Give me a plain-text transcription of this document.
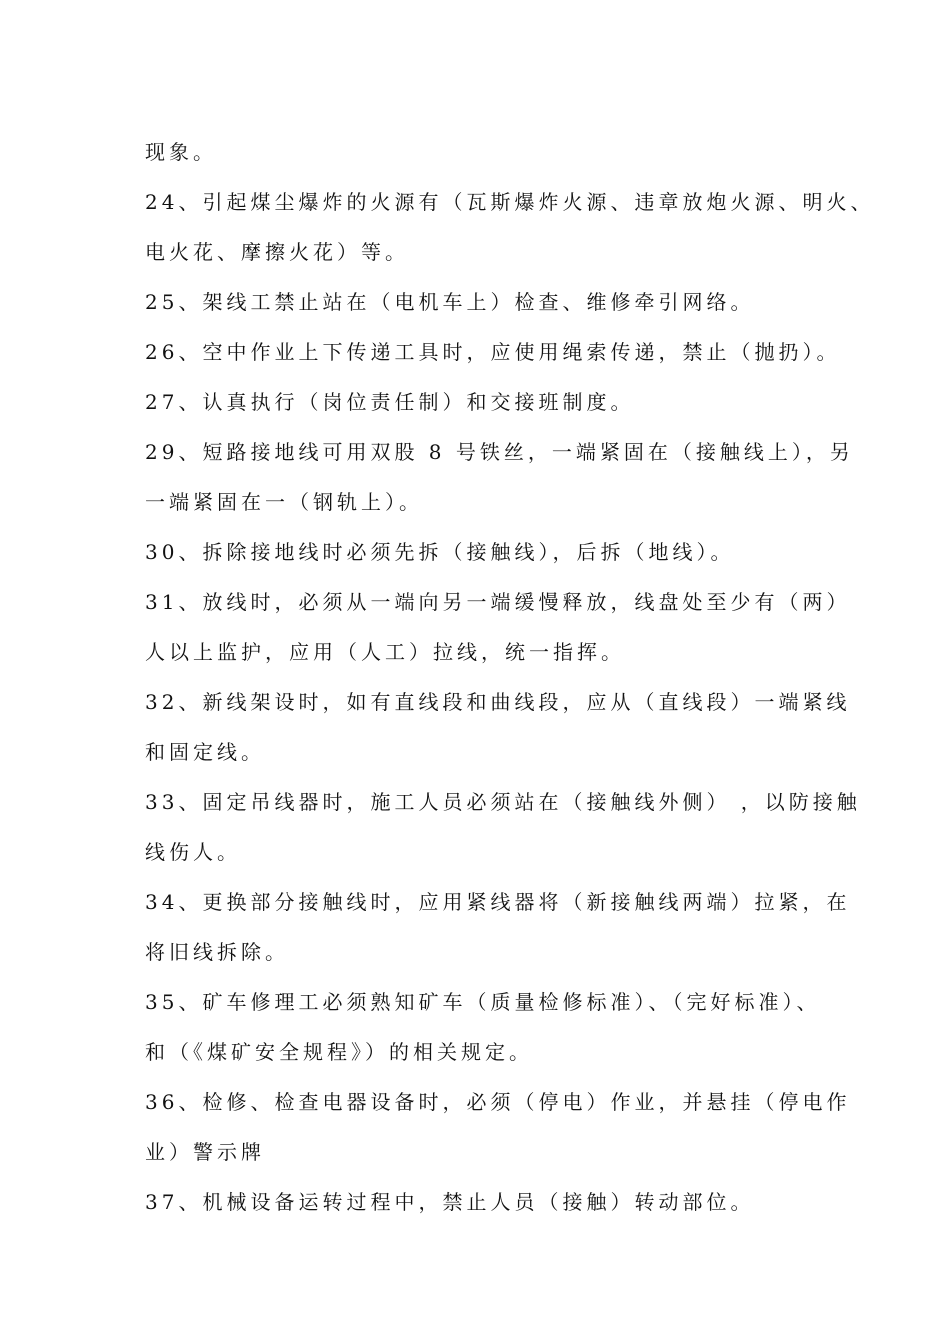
现象。
24、引起煤尘爆炸的火源有（瓦斯爆炸火源、违章放炮火源、明火、
电火花、摩擦火花）等。
25、架线工禁止站在（电机车上）检查、维修牵引网络。
26、空中作业上下传递工具时，应使用绳索传递，禁止（抛扔）。
27、认真执行（岗位责任制）和交接班制度。
29、短路接地线可用双股 8 号铁丝，一端紧固在（接触线上），另
一端紧固在一（钢轨上）。
30、拆除接地线时必须先拆（接触线），后拆（地线）。
31、放线时，必须从一端向另一端缓慢释放，线盘处至少有（两）
人以上监护，应用（人工）拉线，统一指挥。
32、新线架设时，如有直线段和曲线段，应从（直线段）一端紧线
和固定线。
33、固定吊线器时，施工人员必须站在（接触线外侧） ，以防接触
线伤人。
34、更换部分接触线时，应用紧线器将（新接触线两端）拉紧，在
将旧线拆除。
35、矿车修理工必须熟知矿车（质量检修标准）、（完好标准）、
和（《煤矿安全规程》）的相关规定。
36、检修、检查电器设备时，必须（停电）作业，并悬挂（停电作
业）警示牌
37、机械设备运转过程中，禁止人员（接触）转动部位。
